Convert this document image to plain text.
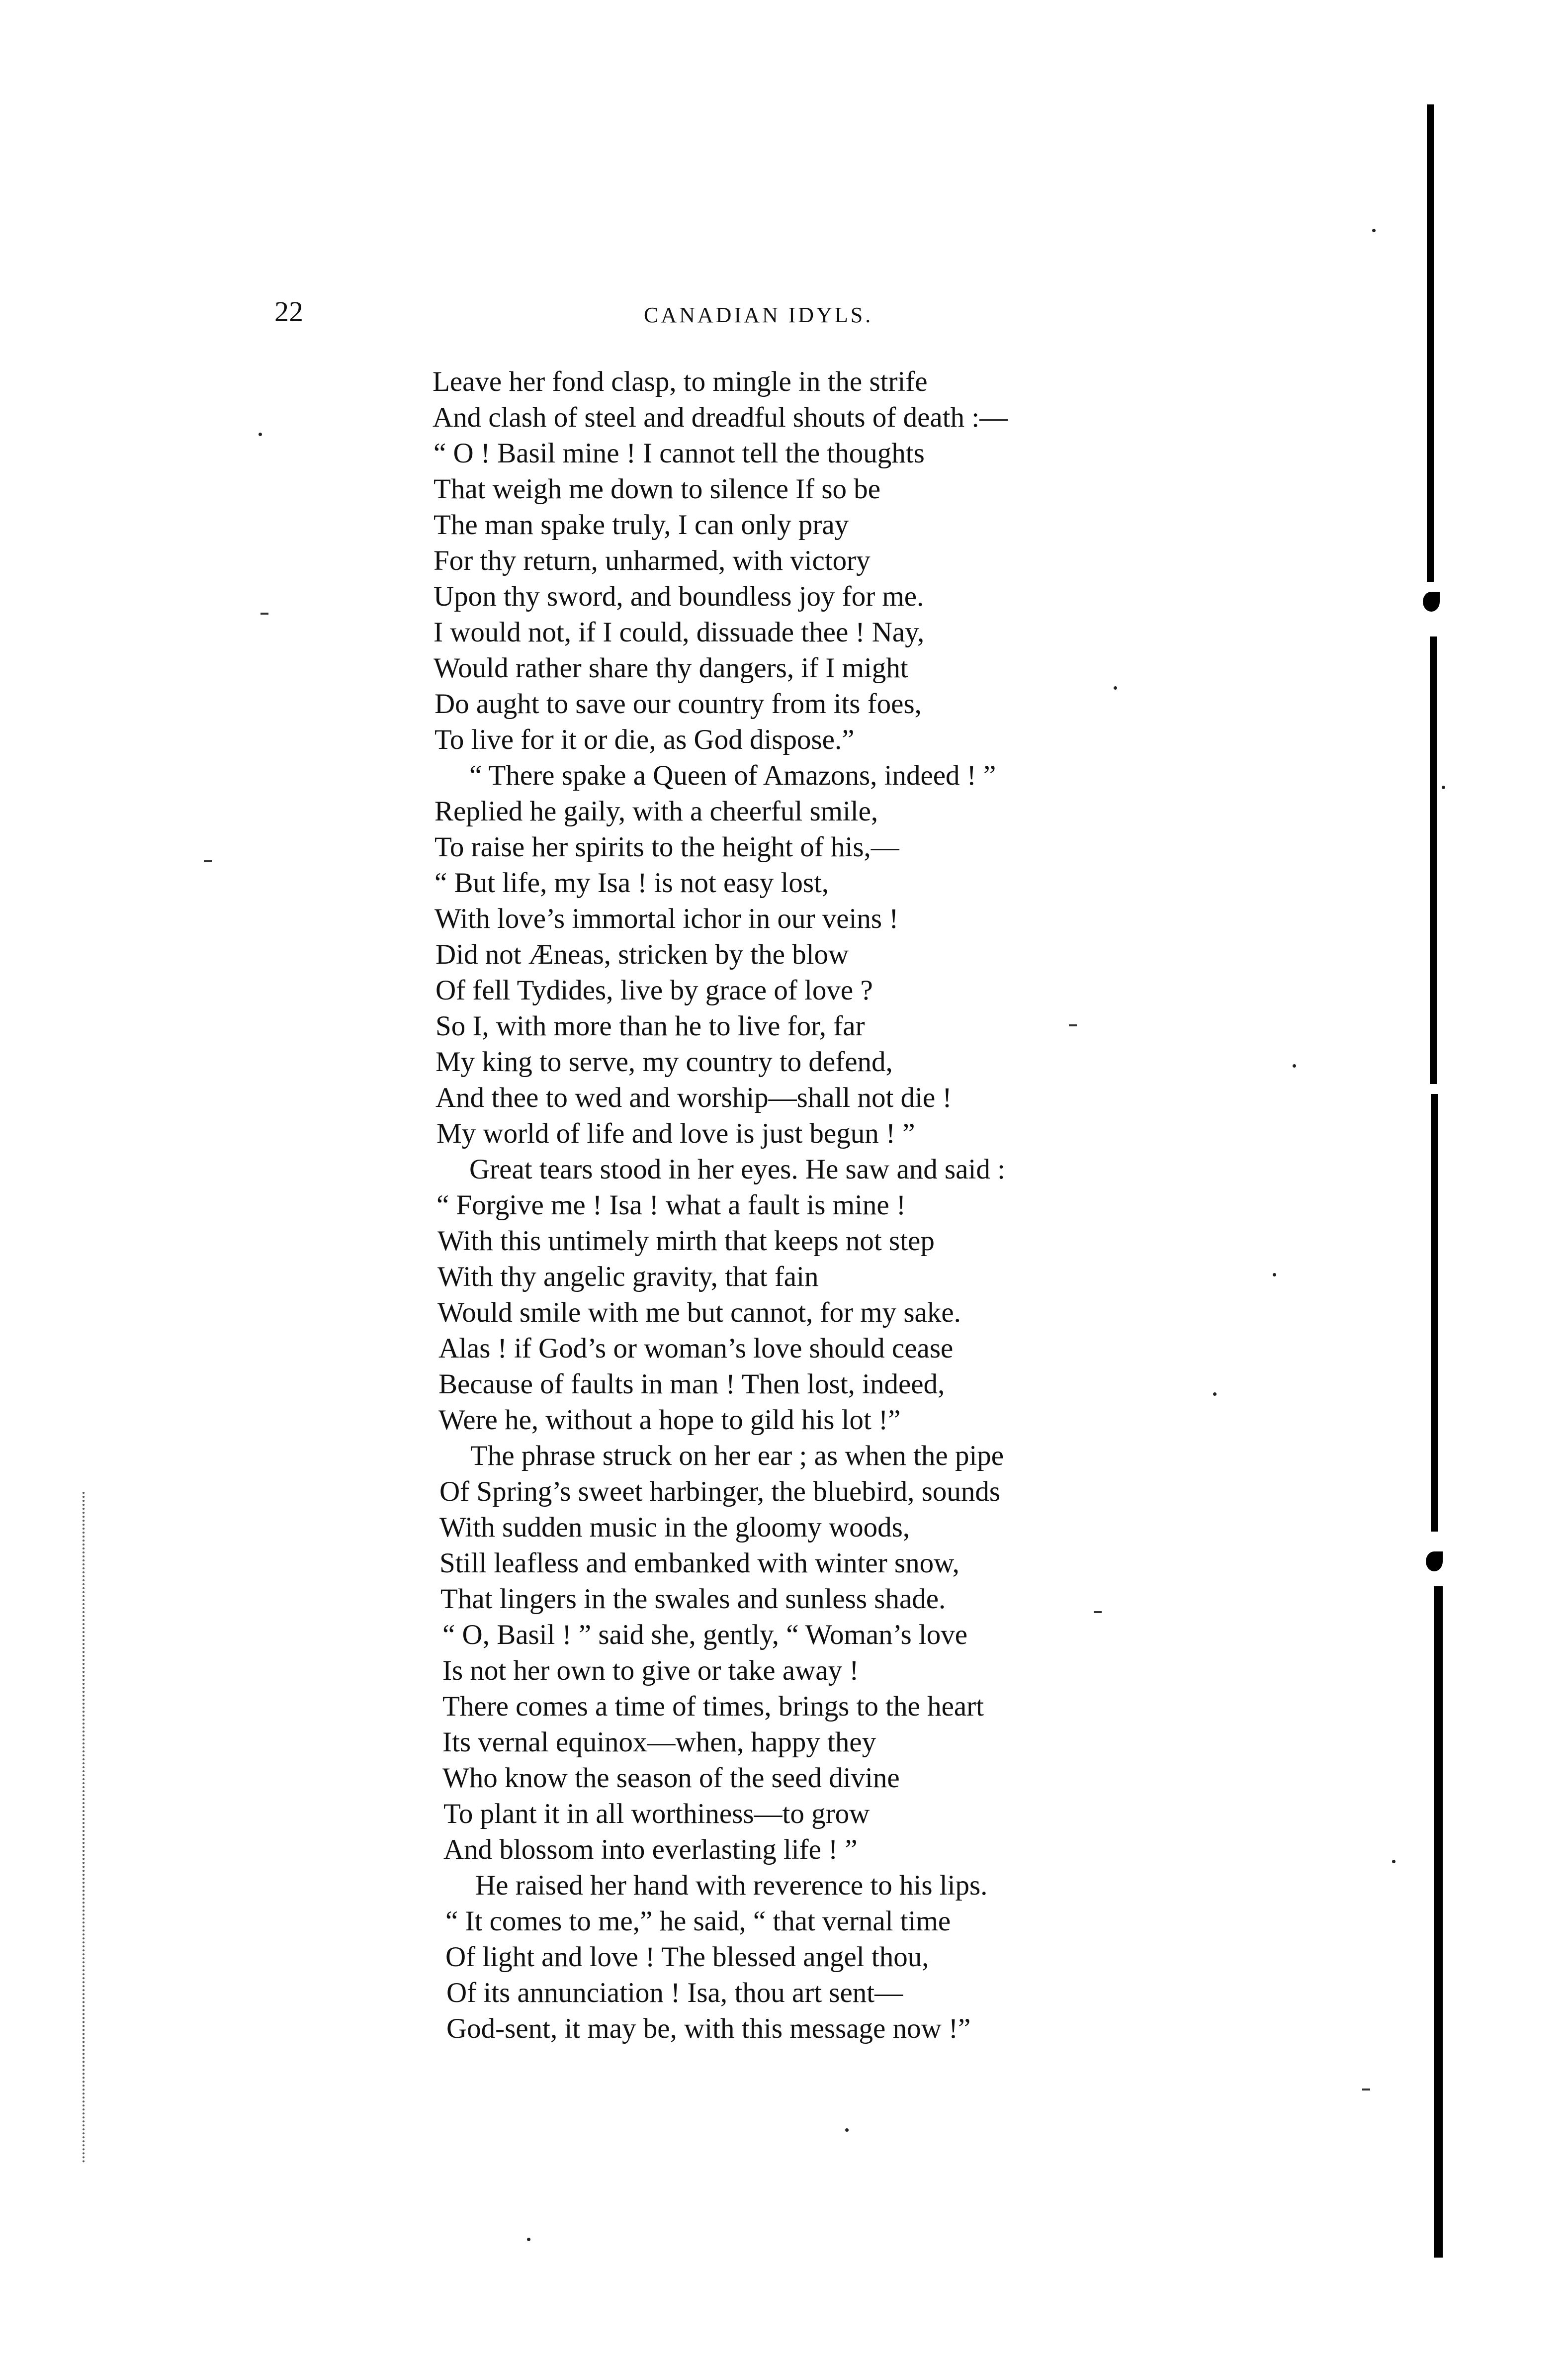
22	CANADIAN IDYLS.
Leave her fond clasp, to mingle in the strife
And clash of steel and dreadful shouts of death :—
“ O ! Basil mine ! I cannot tell the thoughts
That weigh me down to silence If so be
The man spake truly, I can only pray
For thy return, unharmed, with victory
Upon thy sword, and boundless joy for me.
I would not, if I could, dissuade thee ! Nay,
Would rather share thy dangers, if I might
Do aught to save our country from its foes,
To live for it or die, as God dispose.”
“ There spake a Queen of Amazons, indeed ! ”
Replied he gaily, with a cheerful smile,
To raise her spirits to the height of his,—
“ But life, my Isa ! is not easy lost,
With love’s immortal ichor in our veins !
Did not Æneas, stricken by the blow
Of fell Tydides, live by grace of love ?
So I, with more than he to live for, far
My king to serve, my country to defend,
And thee to wed and worship—shall not die !
My world of life and love is just begun ! ”
Great tears stood in her eyes. He saw and said :
“ Forgive me ! Isa ! what a fault is mine !
With this untimely mirth that keeps not step
With thy angelic gravity, that fain
Would smile with me but cannot, for my sake.
Alas ! if God’s or woman’s love should cease
Because of faults in man ! Then lost, indeed,
Were he, without a hope to gild his lot !”
The phrase struck on her ear ; as when the pipe
Of Spring’s sweet harbinger, the bluebird, sounds
With sudden music in the gloomy woods,
Still leafless and embanked with winter snow,
That lingers in the swales and sunless shade.
“ O, Basil ! ” said she, gently, “ Woman’s love
Is not her own to give or take away !
There comes a time of times, brings to the heart
Its vernal equinox—when, happy they
Who know the season of the seed divine
To plant it in all worthiness—to grow
And blossom into everlasting life ! ”
He raised her hand with reverence to his lips.
“ It comes to me,” he said, “ that vernal time
Of light and love ! The blessed angel thou,
Of its annunciation ! Isa, thou art sent—
God-sent, it may be, with this message now !”
